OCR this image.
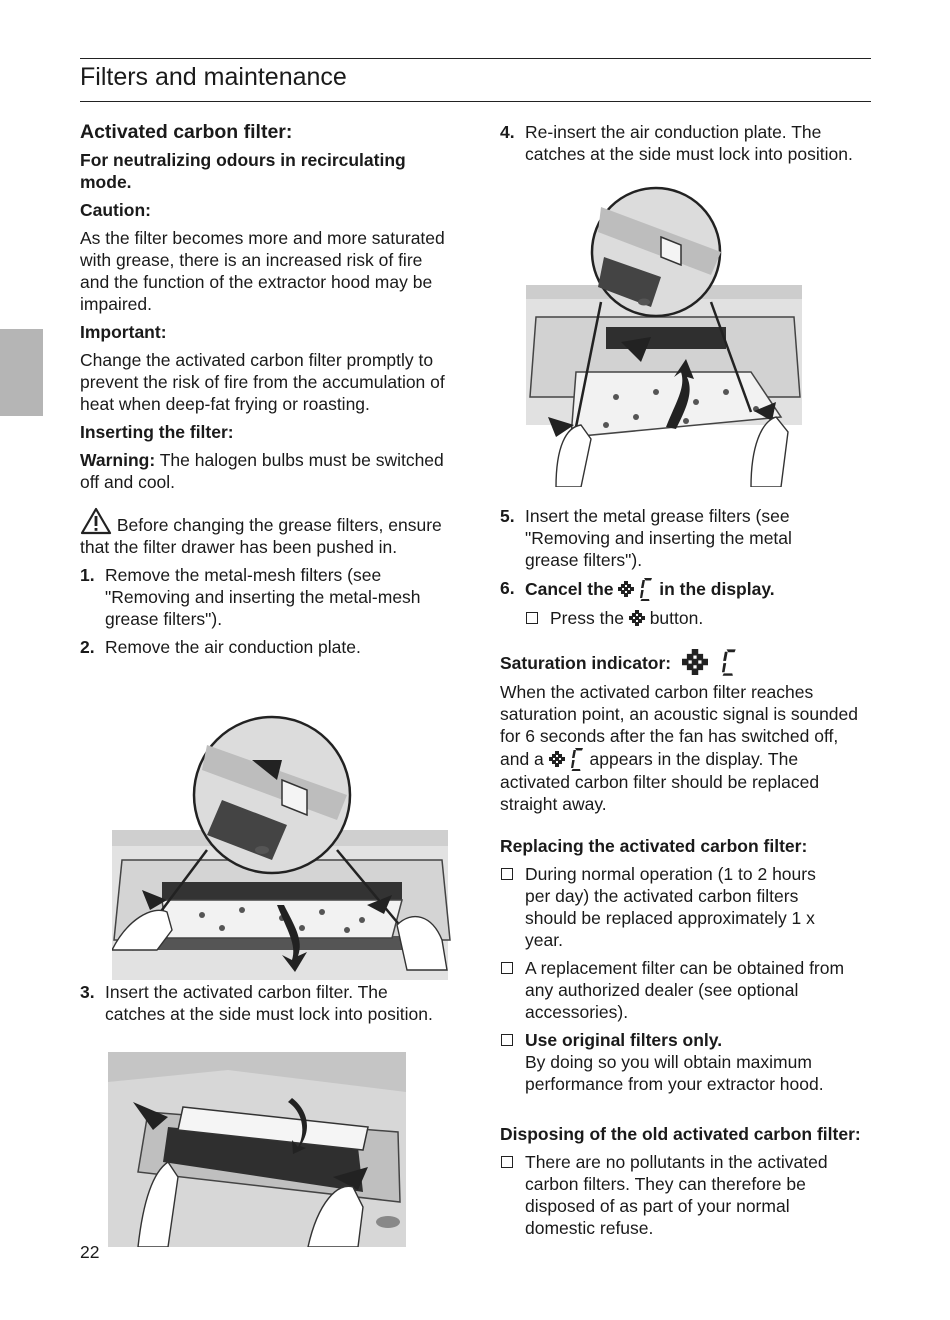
Filters and maintenance

Activated carbon filter:

For neutralizing odours in recirculating mode.

Caution:

As the filter becomes more and more saturated with grease, there is an increased risk of fire and the function of the extractor hood may be impaired.

Important:

Change the activated carbon filter promptly to prevent the risk of fire from the accumulation of heat when deep-fat frying or roasting.

Inserting the filter:

Warning: The halogen bulbs must be switched off and cool.

Before changing the grease filters, ensure that the filter drawer has been pushed in.

1. Remove the metal-mesh filters (see "Removing and inserting the metal-mesh grease filters").
2. Remove the air conduction plate.
3. Insert the activated carbon filter. The catches at the side must lock into position.
4. Re-insert the air conduction plate. The catches at the side must lock into position.
5. Insert the metal grease filters (see "Removing and inserting the metal grease filters").
6. Cancel the	in the display.
Press the button.

Saturation indicator:

When the activated carbon filter reaches saturation point, an acoustic signal is sounded for 6 seconds after the fan has switched off, and a	appears in the display. The activated carbon filter should be replaced straight away.

Replacing the activated carbon filter:

During normal operation (1 to 2 hours per day) the activated carbon filters should be replaced approximately 1 x year.
A replacement filter can be obtained from any authorized dealer (see optional accessories).
Use original filters only.
By doing so you will obtain maximum performance from your extractor hood.

Disposing of the old activated carbon filter:

There are no pollutants in the activated carbon filters. They can therefore be disposed of as part of your normal domestic refuse.
22
